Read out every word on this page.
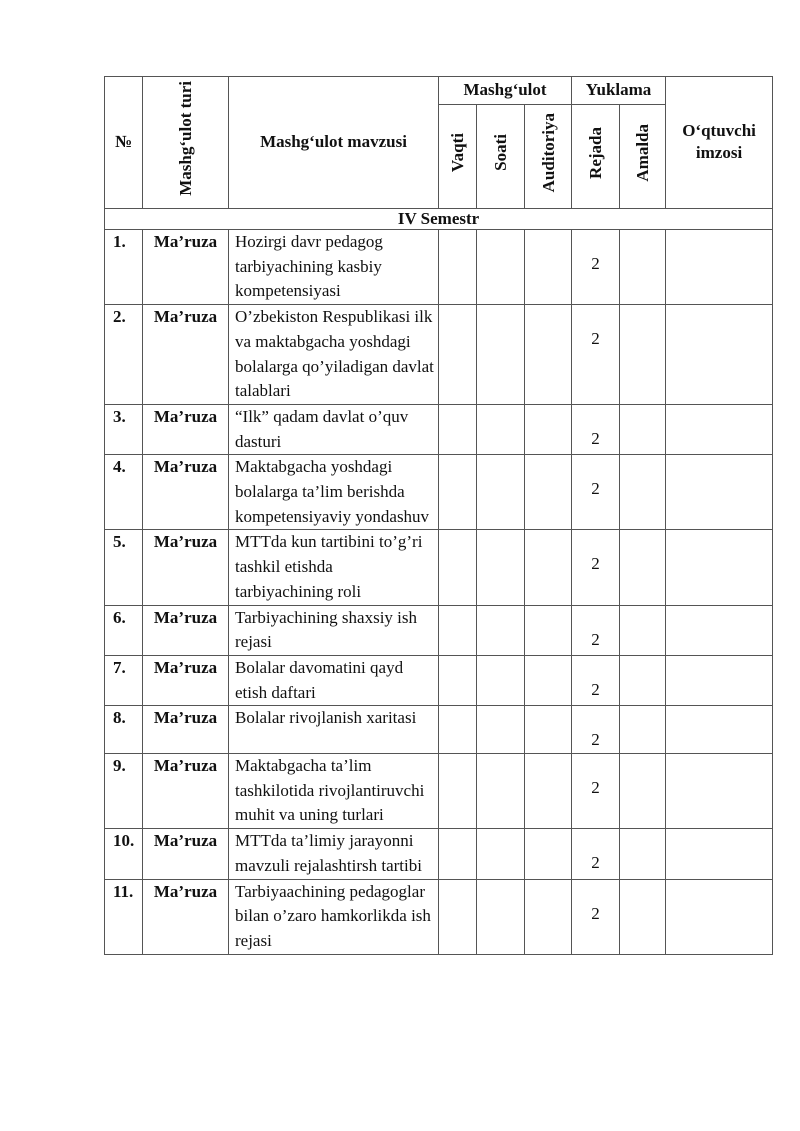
№	Mashg‘ulot turi	Mashg‘ulot mavzusi	Mashg‘ulot			Yuklama		O‘qtuvchi imzosi
			Vaqti	Soati	Auditoriya	Rejada	Amalda	
IV Semestr								
1.	Ma’ruza	Hozirgi davr pedagog tarbiyachining kasbiy kompetensiyasi				2		

2.	Ma’ruza	O’zbekiston Respublikasi ilk va maktabgacha yoshdagi bolalarga qo’yiladigan davlat talablari				2		

3.	Ma’ruza	“Ilk” qadam davlat o’quv dasturi				2		

4.	Ma’ruza	Maktabgacha yoshdagi bolalarga ta’lim berishda kompetensiyaviy yondashuv				2		

5.	Ma’ruza	MTTda kun tartibini to’g’ri tashkil etishda tarbiyachining roli				2		

6.	Ma’ruza	Tarbiyachining shaxsiy ish rejasi				2		

7.	Ma’ruza	Bolalar davomatini qayd etish daftari				2		

8.	Ma’ruza	Bolalar rivojlanish xaritasi				2		

9.	Ma’ruza	Maktabgacha ta’lim tashkilotida rivojlantiruvchi muhit va uning turlari				2		

10.	Ma’ruza	MTTda ta’limiy jarayonni mavzuli rejalashtirsh tartibi				2		

11.	Ma’ruza	Tarbiyaachining pedagoglar bilan o’zaro hamkorlikda ish rejasi				2		
